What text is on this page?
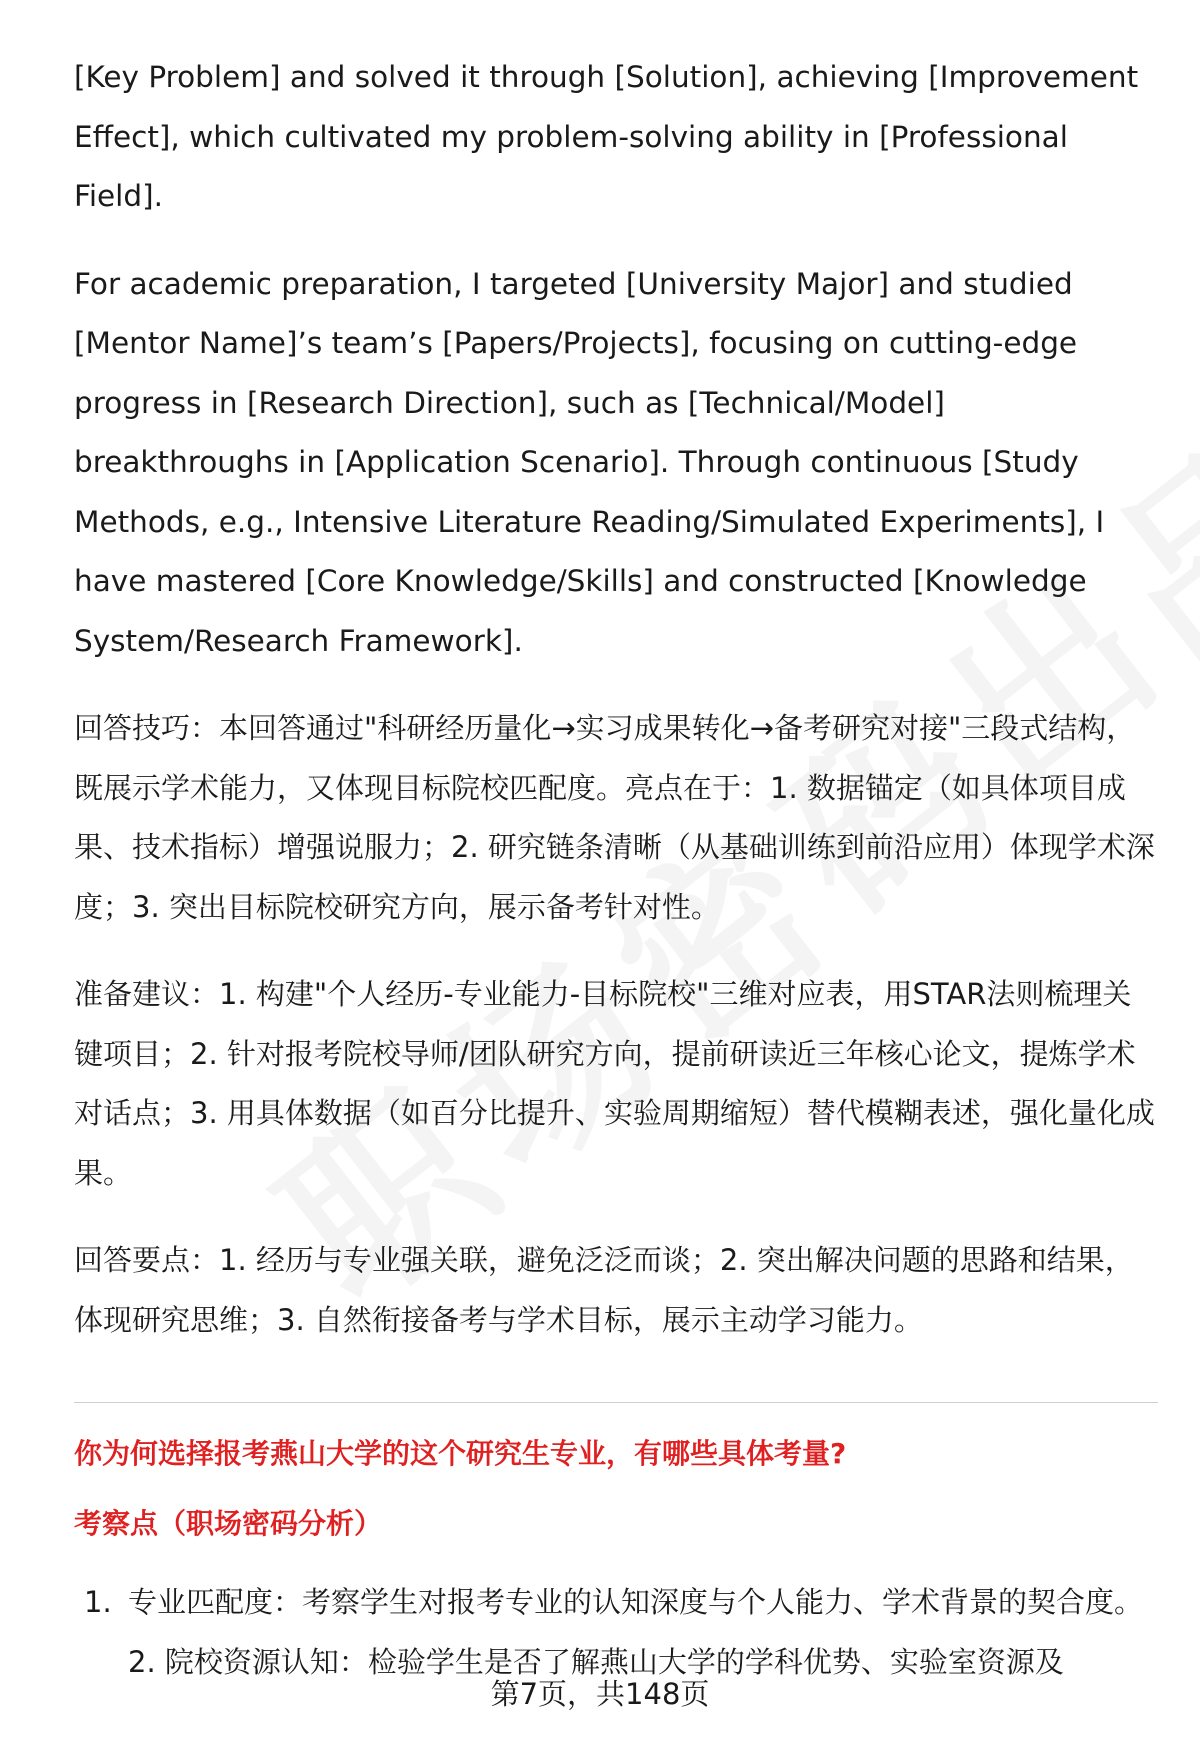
[Key Problem] and solved it through [Solution], achieving [Improvement Effect], which cultivated my problem-solving ability in [Professional Field].

For academic preparation, I targeted [University Major] and studied [Mentor Name]’s team’s [Papers/Projects], focusing on cutting-edge progress in [Research Direction], such as [Technical/Model] breakthroughs in [Application Scenario]. Through continuous [Study Methods, e.g., Intensive Literature Reading/Simulated Experiments], I have mastered [Core Knowledge/Skills] and constructed [Knowledge System/Research Framework].

回答技巧：本回答通过"科研经历量化→实习成果转化→备考研究对接"三段式结构，既展示学术能力，又体现目标院校匹配度。亮点在于：1. 数据锚定（如具体项目成果、技术指标）增强说服力；2. 研究链条清晰（从基础训练到前沿应用）体现学术深度；3. 突出目标院校研究方向，展示备考针对性。

准备建议：1. 构建"个人经历-专业能力-目标院校"三维对应表，用STAR法则梳理关键项目；2. 针对报考院校导师/团队研究方向，提前研读近三年核心论文，提炼学术对话点；3. 用具体数据（如百分比提升、实验周期缩短）替代模糊表述，强化量化成果。

回答要点：1. 经历与专业强关联，避免泛泛而谈；2. 突出解决问题的思路和结果，体现研究思维；3. 自然衔接备考与学术目标，展示主动学习能力。

你为何选择报考燕山大学的这个研究生专业，有哪些具体考量?
考察点（职场密码分析）
1. 专业匹配度：考察学生对报考专业的认知深度与个人能力、学术背景的契合度。2. 院校资源认知：检验学生是否了解燕山大学的学科优势、实验室资源及
第7页，共148页
